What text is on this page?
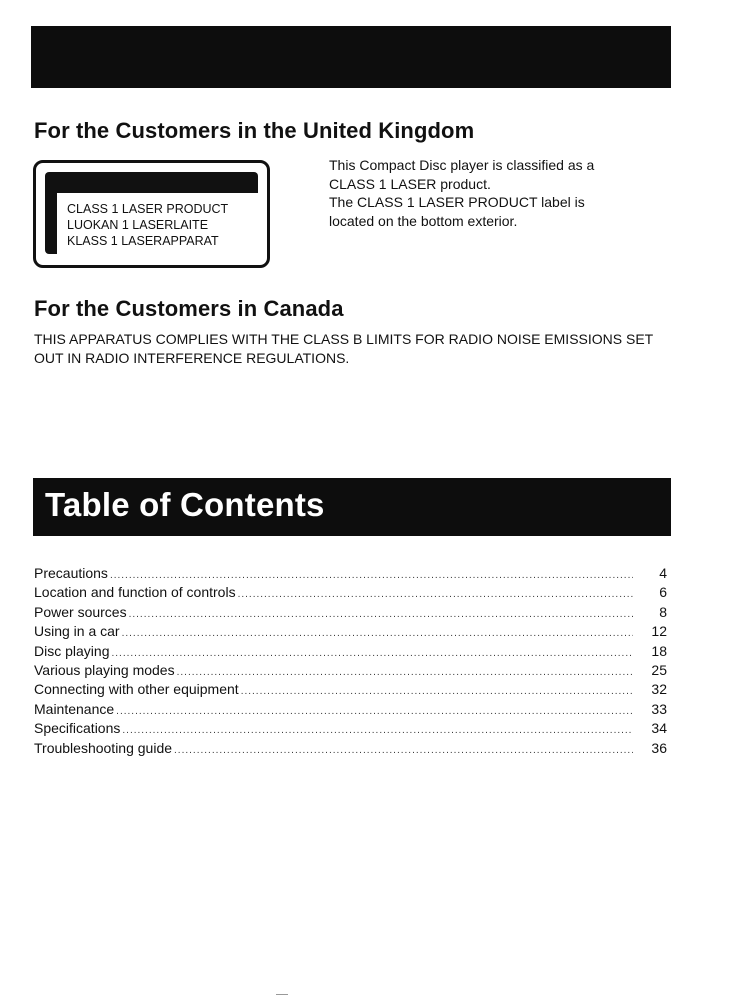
For the Customers in the United Kingdom
CLASS 1 LASER PRODUCT
LUOKAN 1 LASERLAITE
KLASS 1 LASERAPPARAT

This Compact Disc player is classified as a

CLASS 1 LASER product.

The CLASS 1 LASER PRODUCT label is

located on the bottom exterior.

For the Customers in Canada

THIS APPARATUS COMPLIES WITH THE CLASS B LIMITS FOR RADIO NOISE EMISSIONS SET OUT IN RADIO INTERFERENCE REGULATIONS.

Table of Contents
Precautions .....	4
Location and function of controls .....	6
Power sources .....	8
Using in a car .....	12
Disc playing .....	18
Various playing modes .....	25
Connecting with other equipment .....	32
Maintenance .....	33
Specifications .....	34
Troubleshooting guide .....	36
